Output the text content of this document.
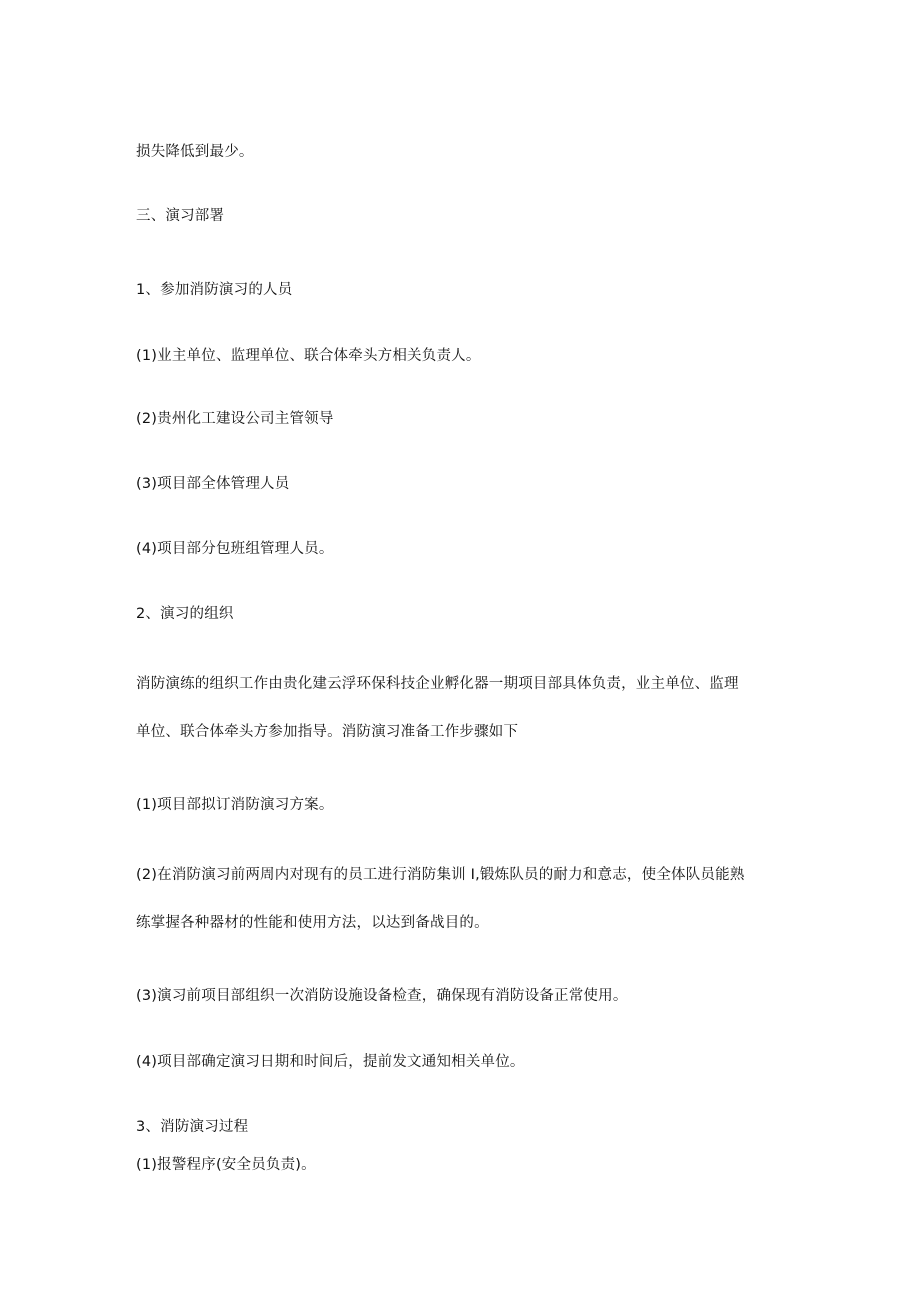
损失降低到最少。
三、演习部署
1、参加消防演习的人员
(1)业主单位、监理单位、联合体牵头方相关负责人。
(2)贵州化工建设公司主管领导
(3)项目部全体管理人员
(4)项目部分包班组管理人员。
2、演习的组织
消防演练的组织工作由贵化建云浮环保科技企业孵化器一期项目部具体负责，业主单位、监理
单位、联合体牵头方参加指导。消防演习准备工作步骤如下
(1)项目部拟订消防演习方案。
(2)在消防演习前两周内对现有的员工进行消防集训 I,锻炼队员的耐力和意志，使全体队员能熟
练掌握各种器材的性能和使用方法，以达到备战目的。
(3)演习前项目部组织一次消防设施设备检查，确保现有消防设备正常使用。
(4)项目部确定演习日期和时间后，提前发文通知相关单位。
3、消防演习过程
(1)报警程序(安全员负责)。
